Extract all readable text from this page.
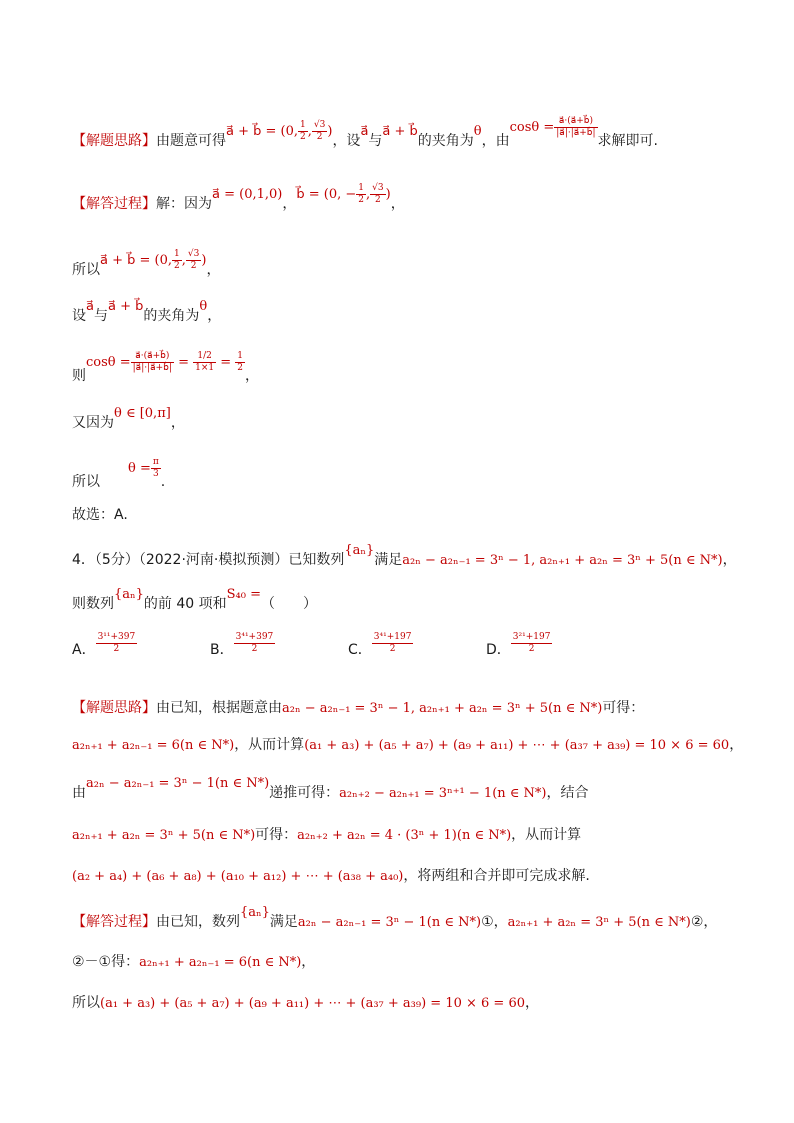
【解题思路】由题意可得a⃗ + b⃗ = (0, $\frac{1}{2}$ , $\frac{√3}{2}$ )，设a⃗与a⃗ + b⃗的夹角为θ，由$\cos\theta = \frac{a⃗\cdot(a⃗+b⃗)}{|a⃗|\cdot|a⃗+b⃗|}$
求解即可.
【解答过程】解：因为a⃗ = (0,1,0)，b⃗ = (0, − $\frac{1}{2}$ , $\frac{√3}{2}$ )，
所以a⃗ + b⃗ = (0, $\frac{1}{2}$ , $\frac{√3}{2}$ )，
设a⃗与a⃗ + b⃗的夹角为θ，
则$\cos\theta = \frac{a⃗\cdot(a⃗+b⃗)}{|a⃗|\cdot|a⃗+b⃗|} = \frac{1/2}{1\times 1} = \frac{1}{2}$
，
又因为θ ∈ [0,π]，
所以$\theta = \frac{\pi}{3}$
.
故选：A.
4．（5分）（2022·河南·模拟预测）已知数列{aₙ}满足a₂ₙ − a₂ₙ₋₁ = 3ⁿ − 1, a₂ₙ₊₁ + a₂ₙ = 3ⁿ + 5(n ∈ N*)，
则数列{aₙ}的前 40 项和S₄₀ =（　　）
A． $\frac{\text{3¹¹+397}}{2}$	B． $\frac{\text{3⁴¹+397}}{2}$	C． $\frac{\text{3⁴¹+197}}{2}$	D． $\frac{\text{3²¹+197}}{2}$
【解题思路】由已知，根据题意由a₂ₙ − a₂ₙ₋₁ = 3ⁿ − 1, a₂ₙ₊₁ + a₂ₙ = 3ⁿ + 5(n ∈ N*)可得：
a₂ₙ₊₁ + a₂ₙ₋₁ = 6(n ∈ N*)，从而计算(a₁ + a₃) + (a₅ + a₇) + (a₉ + a₁₁) + ⋯ + (a₃₇ + a₃₉) = 10 × 6 = 60，
由a₂ₙ − a₂ₙ₋₁ = 3ⁿ − 1(n ∈ N*)递推可得：a₂ₙ₊₂ − a₂ₙ₊₁ = 3ⁿ⁺¹ − 1(n ∈ N*)，结合
a₂ₙ₊₁ + a₂ₙ = 3ⁿ + 5(n ∈ N*)可得：a₂ₙ₊₂ + a₂ₙ = 4 · (3ⁿ + 1)(n ∈ N*)，从而计算
(a₂ + a₄) + (a₆ + a₈) + (a₁₀ + a₁₂) + ⋯ + (a₃₈ + a₄₀)，将两组和合并即可完成求解.
【解答过程】由已知，数列{aₙ}满足a₂ₙ − a₂ₙ₋₁ = 3ⁿ − 1(n ∈ N*)①，a₂ₙ₊₁ + a₂ₙ = 3ⁿ + 5(n ∈ N*)②，
②－①得：a₂ₙ₊₁ + a₂ₙ₋₁ = 6(n ∈ N*)，
所以(a₁ + a₃) + (a₅ + a₇) + (a₉ + a₁₁) + ⋯ + (a₃₇ + a₃₉) = 10 × 6 = 60，
